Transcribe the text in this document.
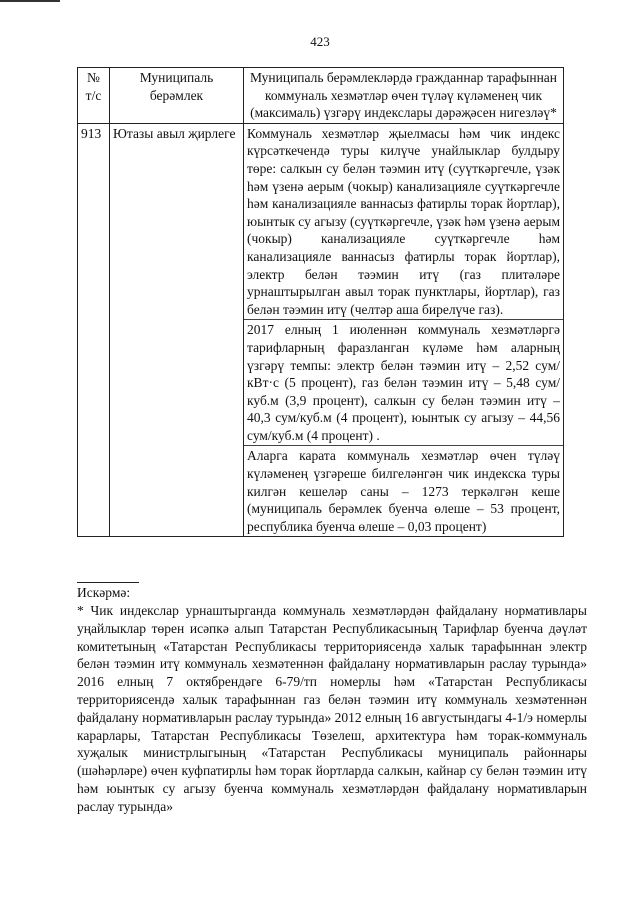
423
№ т/с	Муниципаль берәмлек	Муниципаль берәмлекләрдә гражданнар тарафыннан коммуналь хезмәтләр өчен түләү күләменең чик (максималь) үзгәрү индекслары дәрәҗәсен нигезләү*
913	Ютазы авыл җирлеге	Коммуналь хезмәтләр җыелмасы һәм чик индекс күрсәткечендә туры килүче унайлыклар булдыру төре: салкын су белән тәэмин итү (суүткәргечле, үзәк һәм үзенә аерым (чокыр) канализацияле суүткәргечле һәм канализацияле ваннасыз фатирлы торак йортлар), юынтык су агызу (суүткәргечле, үзәк һәм үзенә аерым (чокыр) канализацияле суүткәргечле һәм канализацияле ваннасыз фатирлы торак йортлар), электр белән тәэмин итү (газ плитәләре урнаштырылган авыл торак пунктлары, йортлар), газ белән тәэмин итү (челтәр аша бирелүче газ).
2017 елның 1 июленнән коммуналь хезмәтләргә тарифларның фаразланган күләме һәм аларның үзгәрү темпы: электр белән тәэмин итү – 2,52 сум/кВт·с (5 процент), газ белән тәэмин итү – 5,48 сум/куб.м (3,9 процент), салкын су белән тәэмин итү – 40,3 сум/куб.м (4 процент), юынтык су агызу – 44,56 сум/куб.м (4 процент) .
Аларга карата коммуналь хезмәтләр өчен түләү күләменең үзгәреше билгеләнгән чик индекска туры килгән кешеләр саны – 1273 теркәлгән кеше (муниципаль берәмлек буенча өлеше – 53 процент, республика буенча өлеше – 0,03 процент)
Искәрмә:
* Чик индекслар урнаштырганда коммуналь хезмәтләрдән файдалану нормативлары уңайлыклар төрен исәпкә алып Татарстан Республикасының Тарифлар буенча дәүләт комитетының «Татарстан Республикасы территориясендә халык тарафыннан электр белән тәэмин итү коммуналь хезмәтеннән файдалану нормативларын раслау турында» 2016 елның 7 октябрендәге 6-79/тп номерлы һәм «Татарстан Республикасы территориясендә халык тарафыннан газ белән тәэмин итү коммуналь хезмәтеннән файдалану нормативларын раслау турында» 2012 елның 16 августындагы 4-1/э номерлы карарлары, Татарстан Республикасы Төзелеш, архитектура һәм торак-коммуналь хуҗалык министрлыгының «Татарстан Республикасы муниципаль районнары (шәһәрләре) өчен куфпатирлы һәм торак йортларда салкын, кайнар су белән тәэмин итү һәм юынтык су агызу буенча коммуналь хезмәтләрдән файдалану нормативларын раслау турында»
